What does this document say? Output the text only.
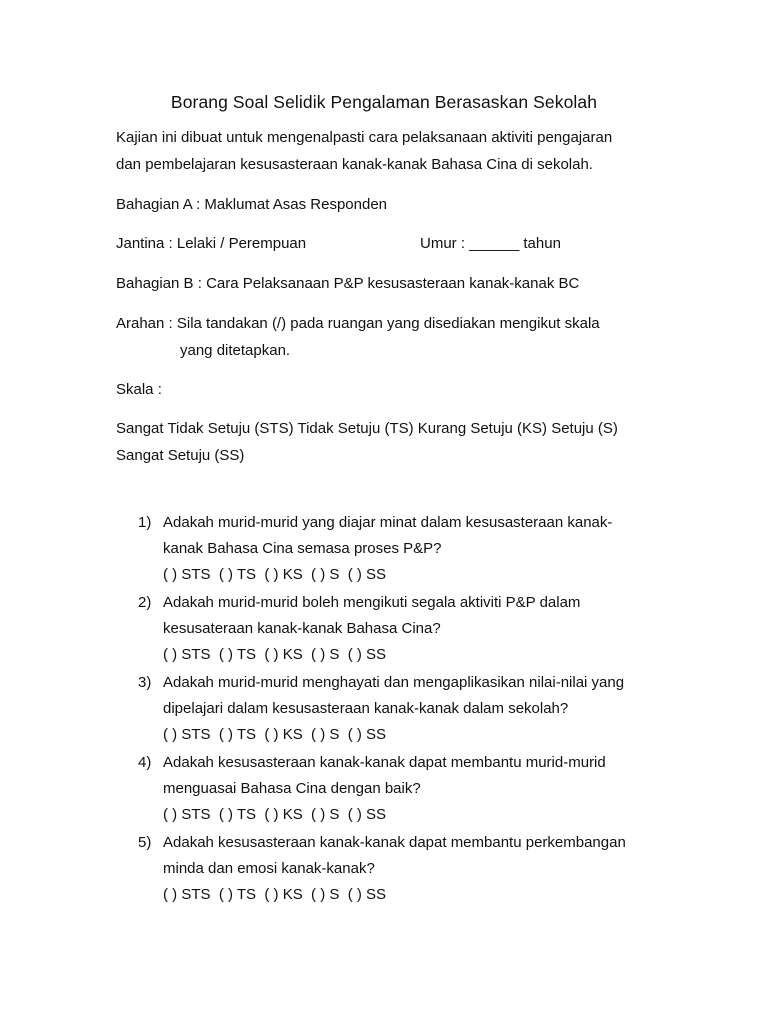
Borang Soal Selidik Pengalaman Berasaskan Sekolah
Kajian ini dibuat untuk mengenalpasti cara pelaksanaan aktiviti pengajaran
dan pembelajaran kesusasteraan kanak-kanak Bahasa Cina di sekolah.
Bahagian A : Maklumat Asas Responden
Jantina : Lelaki / Perempuan	Umur : ______ tahun
Bahagian B : Cara Pelaksanaan P&P kesusasteraan kanak-kanak BC
Arahan : Sila tandakan (/) pada ruangan yang disediakan mengikut skala
yang ditetapkan.
Skala :
Sangat Tidak Setuju (STS) Tidak Setuju (TS) Kurang Setuju (KS) Setuju (S)
Sangat Setuju (SS)
1) Adakah murid-murid yang diajar minat dalam kesusasteraan kanak-
kanak Bahasa Cina semasa proses P&P?
( ) STS  ( ) TS  ( ) KS  ( ) S  ( ) SS
2) Adakah murid-murid boleh mengikuti segala aktiviti P&P dalam
kesusateraan kanak-kanak Bahasa Cina?
( ) STS  ( ) TS  ( ) KS  ( ) S  ( ) SS
3) Adakah murid-murid menghayati dan mengaplikasikan nilai-nilai yang
dipelajari dalam kesusasteraan kanak-kanak dalam sekolah?
( ) STS  ( ) TS  ( ) KS  ( ) S  ( ) SS
4) Adakah kesusasteraan kanak-kanak dapat membantu murid-murid
menguasai Bahasa Cina dengan baik?
( ) STS  ( ) TS  ( ) KS  ( ) S  ( ) SS
5) Adakah kesusasteraan kanak-kanak dapat membantu perkembangan
minda dan emosi kanak-kanak?
( ) STS  ( ) TS  ( ) KS  ( ) S  ( ) SS
